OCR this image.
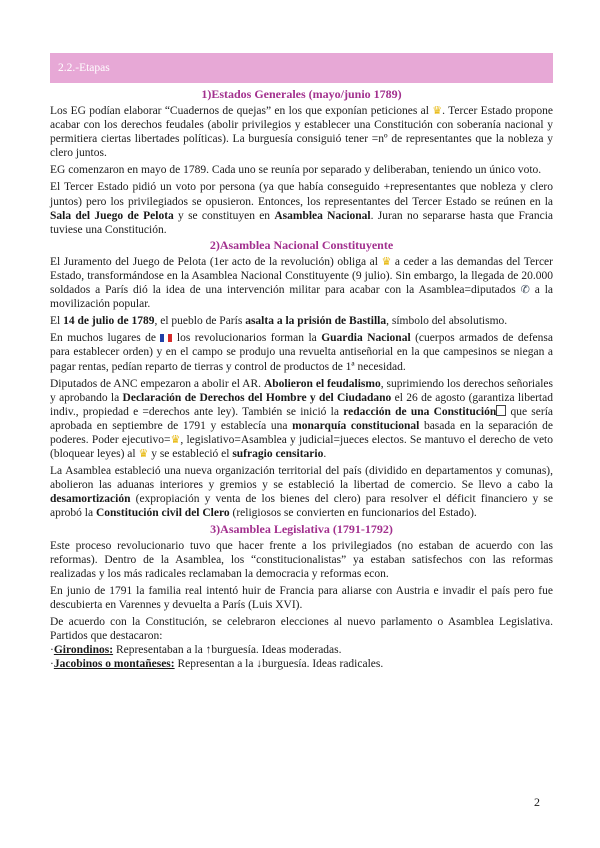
2.2.-Etapas
1)Estados Generales (mayo/junio 1789)

Los EG podían elaborar “Cuadernos de quejas” en los que exponían peticiones al ♛. Tercer Estado propone acabar con los derechos feudales (abolir privilegios y establecer una Constitución con soberanía nacional y permitiera ciertas libertades políticas). La burguesía consiguió tener =nº de representantes que la nobleza y clero juntos.

EG comenzaron en mayo de 1789. Cada uno se reunía por separado y deliberaban, teniendo un único voto.

El Tercer Estado pidió un voto por persona (ya que había conseguido +representantes que nobleza y clero juntos) pero los privilegiados se opusieron. Entonces, los representantes del Tercer Estado se reúnen en la Sala del Juego de Pelota y se constituyen en Asamblea Nacional. Juran no separarse hasta que Francia tuviese una Constitución.

2)Asamblea Nacional Constituyente

El Juramento del Juego de Pelota (1er acto de la revolución) obliga al ♛ a ceder a las demandas del Tercer Estado, transformándose en la Asamblea Nacional Constituyente (9 julio). Sin embargo, la llegada de 20.000 soldados a París dió la idea de una intervención militar para acabar con la Asamblea=diputados ✆ a la movilización popular.

El 14 de julio de 1789, el pueblo de París asalta a la prisión de Bastilla, símbolo del absolutismo.

En muchos lugares de  los revolucionarios forman la Guardia Nacional (cuerpos armados de defensa para establecer orden) y en el campo se produjo una revuelta antiseñorial en la que campesinos se niegan a pagar rentas, pedían reparto de tierras y control de productos de 1ª necesidad.

Diputados de ANC empezaron a abolir el AR. Abolieron el feudalismo, suprimiendo los derechos señoriales y aprobando la Declaración de Derechos del Hombre y del Ciudadano el 26 de agosto (garantiza libertad indiv., propiedad e =derechos ante ley). También se inició la redacción de una Constitución que sería aprobada en septiembre de 1791 y establecía una monarquía constitucional basada en la separación de poderes. Poder ejecutivo=♛, legislativo=Asamblea y judicial=jueces electos. Se mantuvo el derecho de veto (bloquear leyes) al ♛ y se estableció el sufragio censitario.

La Asamblea estableció una nueva organización territorial del país (dividido en departamentos y comunas), abolieron las aduanas interiores y gremios y se estableció la libertad de comercio. Se llevo a cabo la desamortización (expropiación y venta de los bienes del clero) para resolver el déficit financiero y se aprobó la Constitución civil del Clero (religiosos se convierten en funcionarios del Estado).

3)Asamblea Legislativa (1791-1792)

Este proceso revolucionario tuvo que hacer frente a los privilegiados (no estaban de acuerdo con las reformas). Dentro de la Asamblea, los “constitucionalistas” ya estaban satisfechos con las reformas realizadas y los más radicales reclamaban la democracia y reformas econ.

En junio de 1791 la familia real intentó huir de Francia para aliarse con Austria e invadir el país pero fue descubierta en Varennes y devuelta a París (Luis XVI).

De acuerdo con la Constitución, se celebraron elecciones al nuevo parlamento o Asamblea Legislativa. Partidos que destacaron:

·Girondinos: Representaban a la ↑burguesía. Ideas moderadas.
·Jacobinos o montañeses: Representan a la ↓burguesía. Ideas radicales.
2
